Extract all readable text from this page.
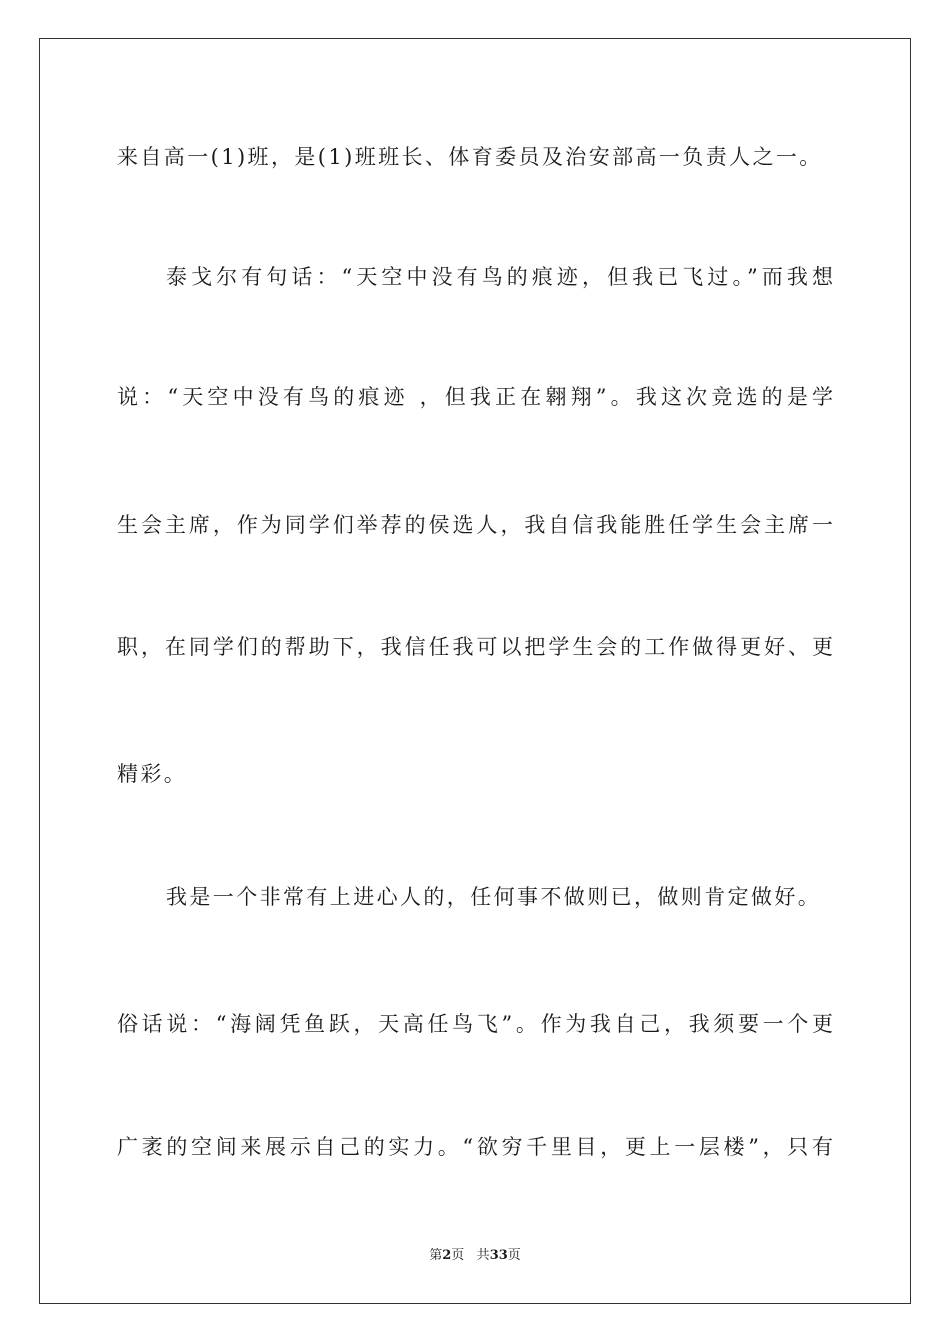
来自高一(1)班，是(1)班班长、体育委员及治安部高一负责人之一。
泰戈尔有句话：“天空中没有鸟的痕迹，但我已飞过。”而我想
说：“天空中没有鸟的痕迹 ，但我正在翱翔”。我这次竞选的是学
生会主席，作为同学们举荐的侯选人，我自信我能胜任学生会主席一
职，在同学们的帮助下，我信任我可以把学生会的工作做得更好、更
精彩。
我是一个非常有上进心人的，任何事不做则已，做则肯定做好。
俗话说：“海阔凭鱼跃，天高任鸟飞”。作为我自己，我须要一个更
广袤的空间来展示自己的实力。“欲穷千里目，更上一层楼”，只有
第2页 共33页
